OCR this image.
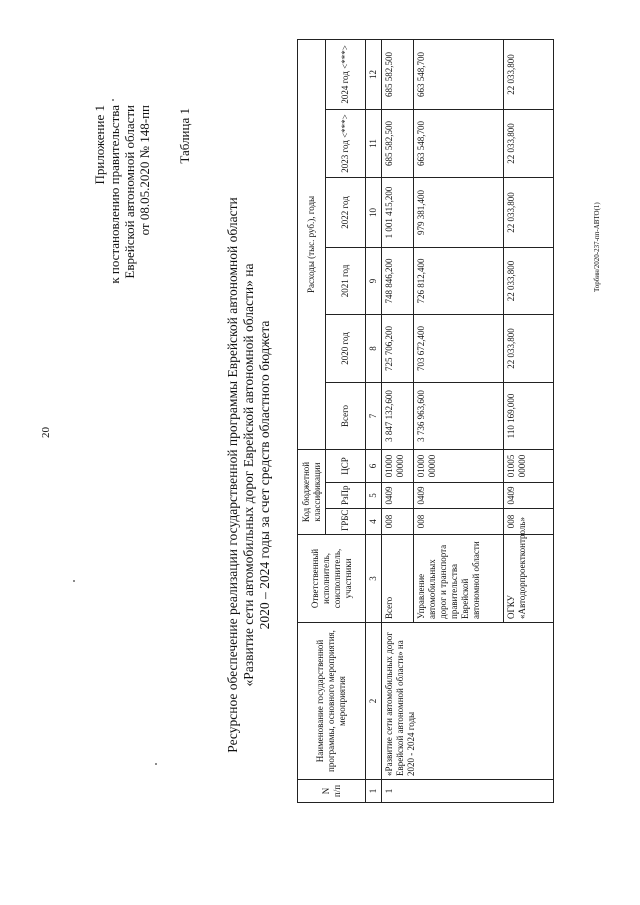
20
Приложение 1 к постановлению правительства Еврейской автономной области от 08.05.2020 № 148-пп Таблица 1
Ресурсное обеспечение реализации государственной программы Еврейской автономной области «Развитие сети автомобильных дорог Еврейской автономной области» на 2020 – 2024 годы за счет средств областного бюджета
N п/п	Наименование государственной программы, основного мероприятия, мероприятия	Ответственный исполнитель, соисполнитель, участники	Код бюджетной классификации			Расходы (тыс. руб.), годы					
			ГРБС	РзПр	ЦСР	Всего	2020 год	2021 год	2022 год	2023 год <***>	2024 год <***>
1	2	3	4	5	6	7	8	9	10	11	12
1	«Развитие сети автомобильных дорог Еврейской автономной области» на 2020 - 2024 годы	Всего	008	0409	01000 00000	3 847 132,600	725 706,200	748 846,200	1 001 415,200	685 582,500	685 582,500
		Управление автомобильных дорог и транспорта правительства Еврейской автономной области	008	0409	01000 00000	3 736 963,600	703 672,400	726 812,400	979 381,400	663 548,700	663 548,700
		ОГКУ «Автодорпроектконтроль»	008	0409	01005 00000	110 169,000	22 033,800	22 033,800	22 033,800	22 033,800	22 033,800
Торбин/2020-237-пп-АВТО(1)
